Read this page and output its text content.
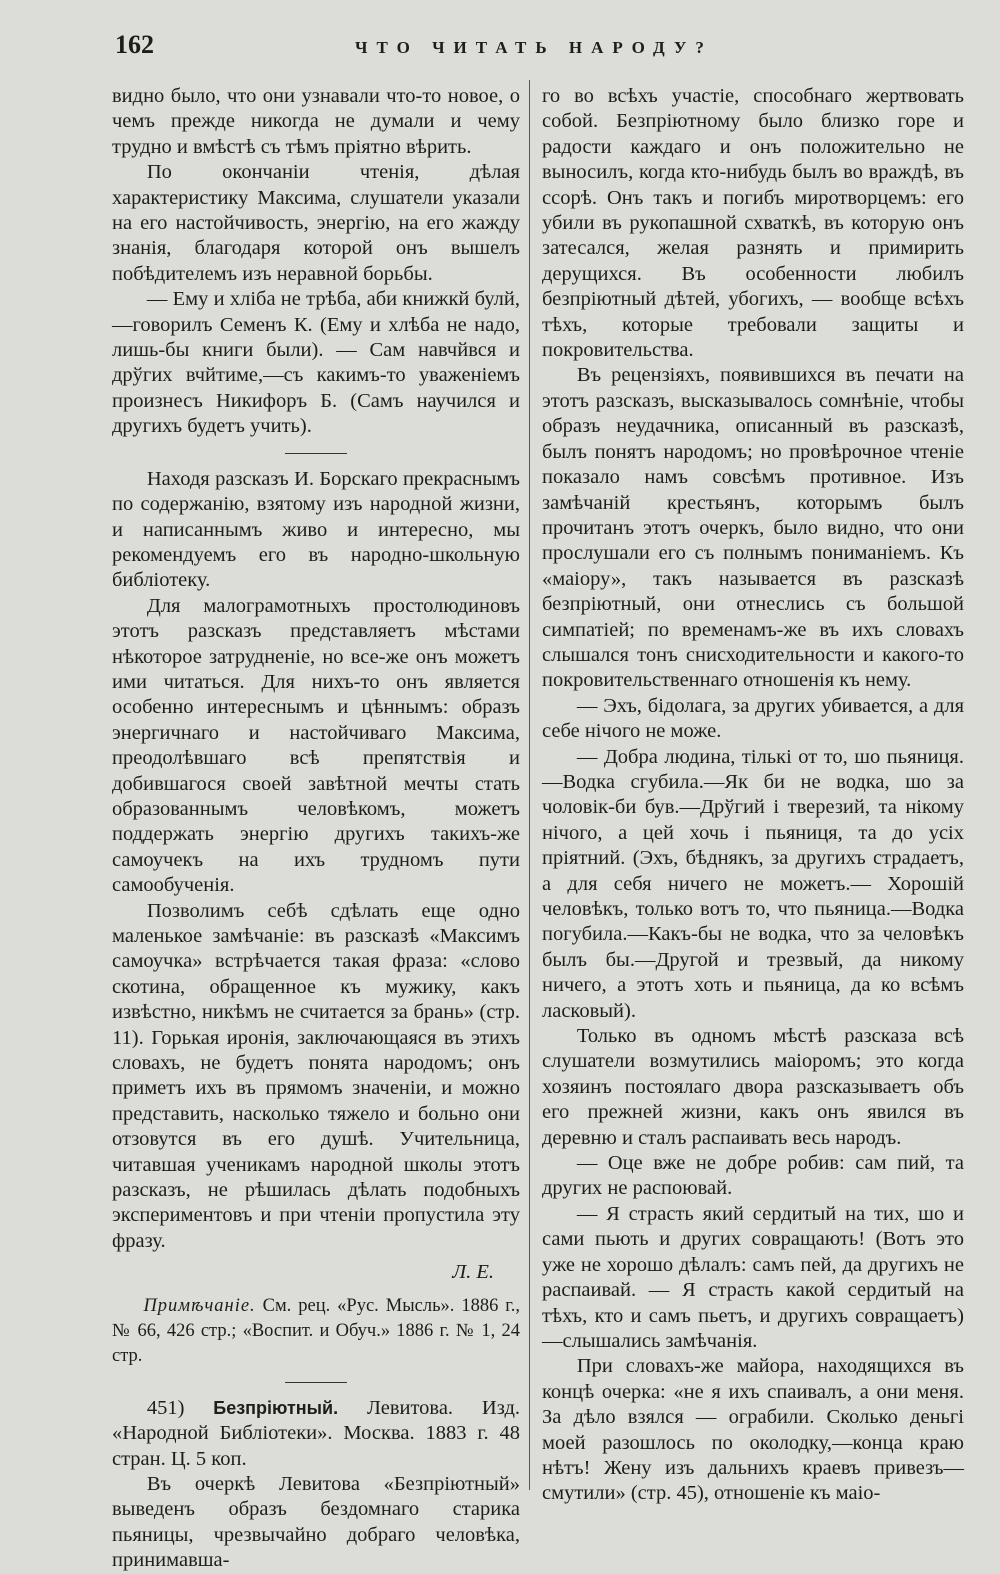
162	ЧТО ЧИТАТЬ НАРОДУ?

видно было, что они узнавали что-то новое, о чемъ прежде никогда не думали и чему трудно и вмѣстѣ съ тѣмъ пріятно вѣрить.

По окончаніи чтенія, дѣлая характеристику Максима, слушатели указали на его настойчивость, энергію, на его жажду знанія, благодаря которой онъ вышелъ побѣдителемъ изъ неравной борьбы.

— Ему и хлiба не трѣба, аби книжкй булй,—говорилъ Семенъ К. (Ему и хлѣба не надо, лишь-бы книги были). — Сам навчйвся и дрўгих вчйтиме,—съ какимъ-то уваженіемъ произнесъ Никифоръ Б. (Самъ научился и другихъ будетъ учить).

Находя разсказъ И. Борскаго прекраснымъ по содержанію, взятому изъ народной жизни, и написаннымъ живо и интересно, мы рекомендуемъ его въ народно-школьную библіотеку.

Для малограмотныхъ простолюдиновъ этотъ разсказъ представляетъ мѣстами нѣкоторое затрудненіе, но все-же онъ можетъ ими читаться. Для нихъ-то онъ является особенно интереснымъ и цѣннымъ: образъ энергичнаго и настойчиваго Максима, преодолѣвшаго всѣ препятствія и добившагося своей завѣтной мечты стать образованнымъ человѣкомъ, можетъ поддержать энергію другихъ такихъ-же самоучекъ на ихъ трудномъ пути самообученія.

Позволимъ себѣ сдѣлать еще одно маленькое замѣчаніе: въ разсказѣ «Максимъ самоучка» встрѣчается такая фраза: «слово скотина, обращенное къ мужику, какъ извѣстно, никѣмъ не считается за брань» (стр. 11). Горькая иронія, заключающаяся въ этихъ словахъ, не будетъ понята народомъ; онъ приметъ ихъ въ прямомъ значеніи, и можно представить, насколько тяжело и больно они отзовутся въ его душѣ. Учительница, читавшая ученикамъ народной школы этотъ разсказъ, не рѣшилась дѣлать подобныхъ экспериментовъ и при чтеніи пропустила эту фразу.

Л. Е.

Примѣчаніе. См. рец. «Рус. Мысль». 1886 г., № 66, 426 стр.; «Воспит. и Обуч.» 1886 г. № 1, 24 стр.

451) Безпріютный. Левитова. Изд. «Народной Библіотеки». Москва. 1883 г. 48 стран. Ц. 5 коп.

Въ очеркѣ Левитова «Безпріютный» выведенъ образъ бездомнаго старика пьяницы, чрезвычайно добраго человѣка, принимавша-

го во всѣхъ участіе, способнаго жертвовать собой. Безпріютному было близко горе и радости каждаго и онъ положительно не выносилъ, когда кто-нибудь былъ во враждѣ, въ ссорѣ. Онъ такъ и погибъ миротворцемъ: его убили въ рукопашной схваткѣ, въ которую онъ затесался, желая разнять и примирить дерущихся. Въ особенности любилъ безпріютный дѣтей, убогихъ, — вообще всѣхъ тѣхъ, которые требовали защиты и покровительства.

Въ рецензіяхъ, появившихся въ печати на этотъ разсказъ, высказывалось сомнѣніе, чтобы образъ неудачника, описанный въ разсказѣ, былъ понятъ народомъ; но провѣрочное чтеніе показало намъ совсѣмъ противное. Изъ замѣчаній крестьянъ, которымъ былъ прочитанъ этотъ очеркъ, было видно, что они прослушали его съ полнымъ пониманіемъ. Къ «маіору», такъ называется въ разсказѣ безпріютный, они отнеслись съ большой симпатіей; по временамъ-же въ ихъ словахъ слышался тонъ снисходительности и какого-то покровительственнаго отношенія къ нему.

— Эхъ, бідолага, за других убивается, а для себе нічого не може.

— Добра людина, тількі от то, шо пьяниця.—Водка сгубила.—Як би не водка, шо за чоловік-би був.—Дрўгий і тверезий, та нікому нічого, а цей хочь і пьяниця, та до усіх прiятний. (Эхъ, бѣднякъ, за другихъ страдаетъ, а для себя ничего не можетъ.— Хорошій человѣкъ, только вотъ то, что пьяница.—Водка погубила.—Какъ-бы не водка, что за человѣкъ былъ бы.—Другой и трезвый, да никому ничего, а этотъ хоть и пьяница, да ко всѣмъ ласковый).

Только въ одномъ мѣстѣ разсказа всѣ слушатели возмутились маіоромъ; это когда хозяинъ постоялаго двора разсказываетъ объ его прежней жизни, какъ онъ явился въ деревню и сталъ распаивать весь народъ.

— Оце вже не добре робив: сам пий, та других не распоювай.

— Я страсть який сердитый на тих, шо и сами пьють и других совращають! (Вотъ это уже не хорошо дѣлалъ: самъ пей, да другихъ не распаивай. — Я страсть какой сердитый на тѣхъ, кто и самъ пьетъ, и другихъ совращаетъ)—слышались замѣчанія.

При словахъ-же майора, находящихся въ концѣ очерка: «не я ихъ спаивалъ, а они меня. За дѣло взялся — ограбили. Сколько деньгі моей разошлось по околодку,—конца краю нѣтъ! Жену изъ дальнихъ краевъ привезъ—смутили» (стр. 45), отношеніе къ маіо-
